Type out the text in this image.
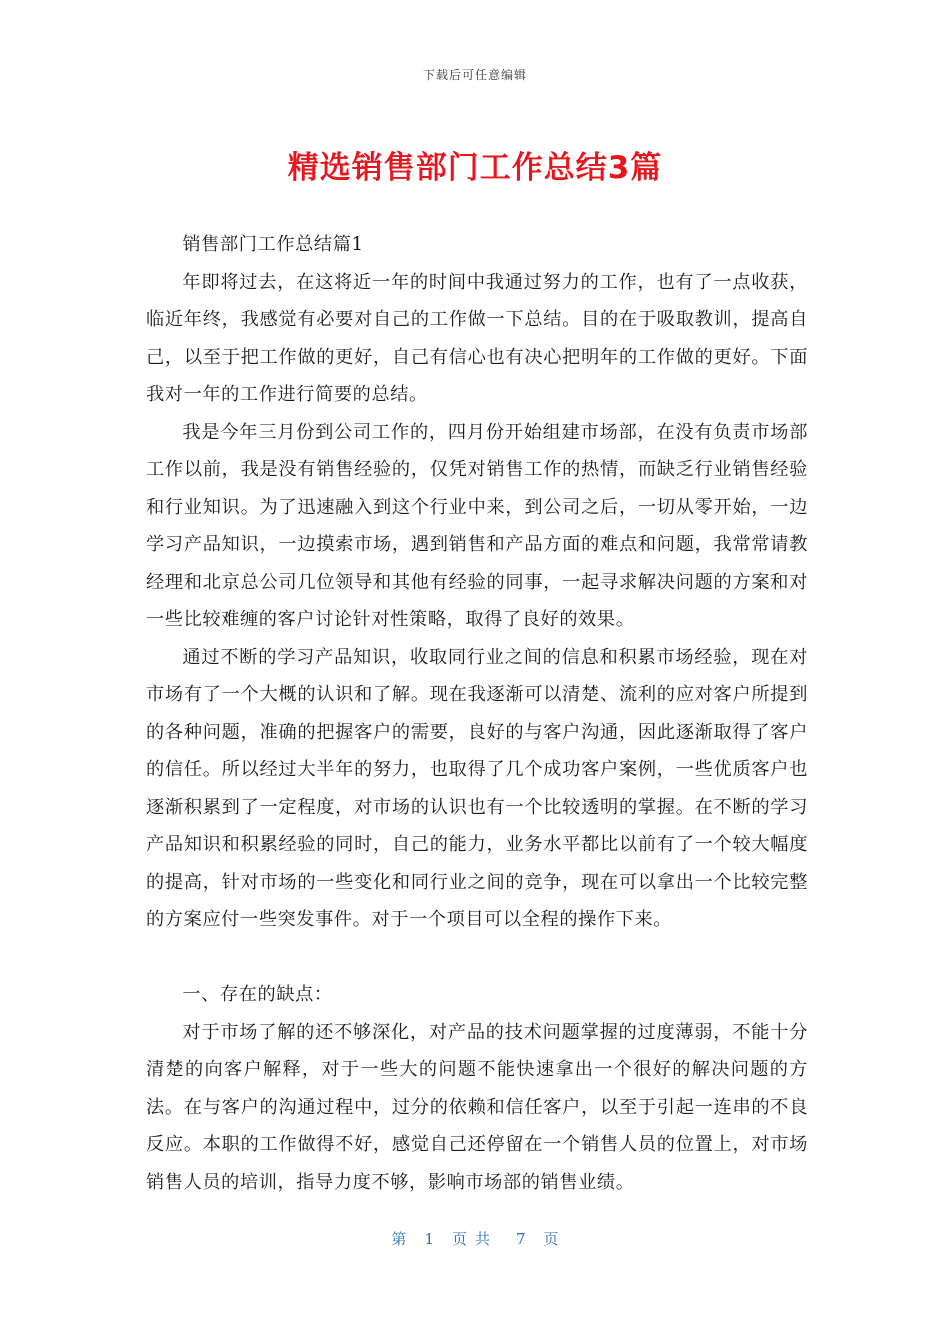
下载后可任意编辑
精选销售部门工作总结3篇

销售部门工作总结篇1

年即将过去，在这将近一年的时间中我通过努力的工作，也有了一点收获，临近年终，我感觉有必要对自己的工作做一下总结。目的在于吸取教训，提高自己，以至于把工作做的更好，自己有信心也有决心把明年的工作做的更好。下面我对一年的工作进行简要的总结。

我是今年三月份到公司工作的，四月份开始组建市场部，在没有负责市场部工作以前，我是没有销售经验的，仅凭对销售工作的热情，而缺乏行业销售经验和行业知识。为了迅速融入到这个行业中来，到公司之后，一切从零开始，一边学习产品知识，一边摸索市场，遇到销售和产品方面的难点和问题，我常常请教经理和北京总公司几位领导和其他有经验的同事，一起寻求解决问题的方案和对一些比较难缠的客户讨论针对性策略，取得了良好的效果。

通过不断的学习产品知识，收取同行业之间的信息和积累市场经验，现在对市场有了一个大概的认识和了解。现在我逐渐可以清楚、流利的应对客户所提到的各种问题，准确的把握客户的需要，良好的与客户沟通，因此逐渐取得了客户的信任。所以经过大半年的努力，也取得了几个成功客户案例，一些优质客户也逐渐积累到了一定程度，对市场的认识也有一个比较透明的掌握。在不断的学习产品知识和积累经验的同时，自己的能力，业务水平都比以前有了一个较大幅度的提高，针对市场的一些变化和同行业之间的竞争，现在可以拿出一个比较完整的方案应付一些突发事件。对于一个项目可以全程的操作下来。

一、存在的缺点：

对于市场了解的还不够深化，对产品的技术问题掌握的过度薄弱，不能十分清楚的向客户解释，对于一些大的问题不能快速拿出一个很好的解决问题的方法。在与客户的沟通过程中，过分的依赖和信任客户，以至于引起一连串的不良反应。本职的工作做得不好，感觉自己还停留在一个销售人员的位置上，对市场销售人员的培训，指导力度不够，影响市场部的销售业绩。

第 1 页共 7 页
